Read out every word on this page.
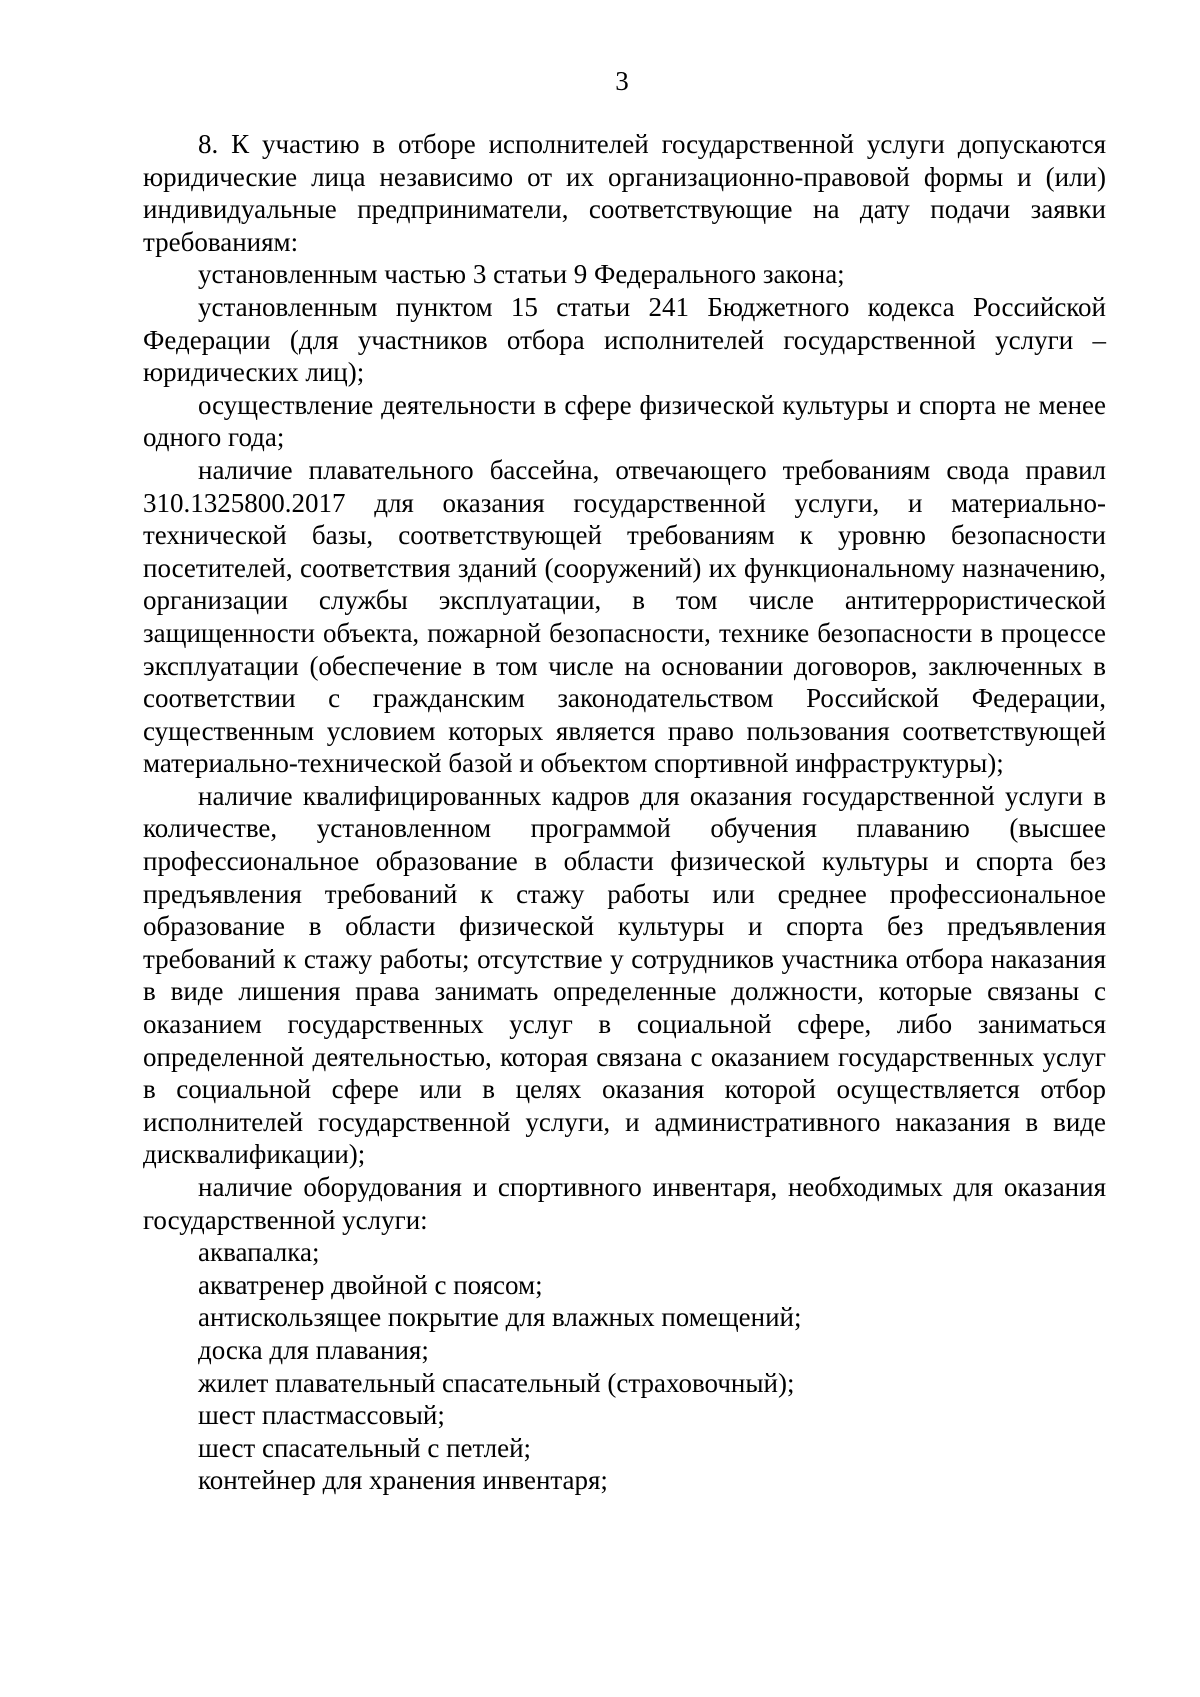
3

8. К участию в отборе исполнителей государственной услуги допускаются юридические лица независимо от их организационно-правовой формы и (или) индивидуальные предприниматели, соответствующие на дату подачи заявки требованиям:

установленным частью 3 статьи 9 Федерального закона;

установленным пунктом 15 статьи 241 Бюджетного кодекса Российской Федерации (для участников отбора исполнителей государственной услуги – юридических лиц);

осуществление деятельности в сфере физической культуры и спорта не менее одного года;

наличие плавательного бассейна, отвечающего требованиям свода правил 310.1325800.2017 для оказания государственной услуги, и материально-технической базы, соответствующей требованиям к уровню безопасности посетителей, соответствия зданий (сооружений) их функциональному назначению, организации службы эксплуатации, в том числе антитеррористической защищенности объекта, пожарной безопасности, технике безопасности в процессе эксплуатации (обеспечение в том числе на основании договоров, заключенных в соответствии с гражданским законодательством Российской Федерации, существенным условием которых является право пользования соответствующей материально-технической базой и объектом спортивной инфраструктуры);

наличие квалифицированных кадров для оказания государственной услуги в количестве, установленном программой обучения плаванию (высшее профессиональное образование в области физической культуры и спорта без предъявления требований к стажу работы или среднее профессиональное образование в области физической культуры и спорта без предъявления требований к стажу работы; отсутствие у сотрудников участника отбора наказания в виде лишения права занимать определенные должности, которые связаны с оказанием государственных услуг в социальной сфере, либо заниматься определенной деятельностью, которая связана с оказанием государственных услуг в социальной сфере или в целях оказания которой осуществляется отбор исполнителей государственной услуги, и административного наказания в виде дисквалификации);

наличие оборудования и спортивного инвентаря, необходимых для оказания государственной услуги:

аквапалка;

акватренер двойной с поясом;

антискользящее покрытие для влажных помещений;

доска для плавания;

жилет плавательный спасательный (страховочный);

шест пластмассовый;

шест спасательный с петлей;

контейнер для хранения инвентаря;
